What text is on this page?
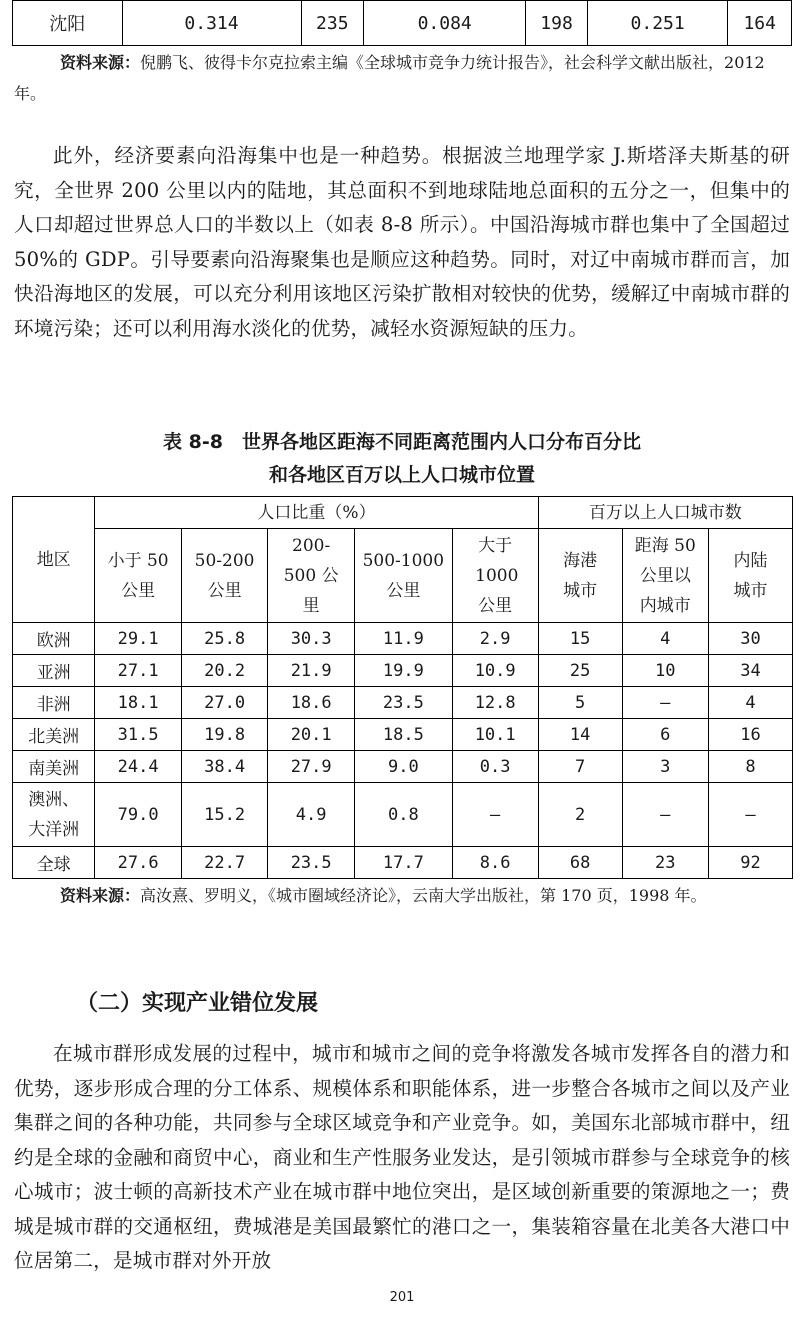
沈阳	0.314	235	0.084	198	0.251	164
资料来源：倪鹏飞、彼得卡尔克拉索主编《全球城市竞争力统计报告》，社会科学文献出版社，2012 年。

此外，经济要素向沿海集中也是一种趋势。根据波兰地理学家 J.斯塔泽夫斯基的研究，全世界 200 公里以内的陆地，其总面积不到地球陆地总面积的五分之一，但集中的人口却超过世界总人口的半数以上（如表 8-8 所示）。中国沿海城市群也集中了全国超过 50%的 GDP。引导要素向沿海聚集也是顺应这种趋势。同时，对辽中南城市群而言，加快沿海地区的发展，可以充分利用该地区污染扩散相对较快的优势，缓解辽中南城市群的环境污染；还可以利用海水淡化的优势，减轻水资源短缺的压力。

表 8-8　世界各地区距海不同距离范围内人口分布百分比
和各地区百万以上人口城市位置
地区	人口比重（%）					百万以上人口城市数		
	小于 50 公里	50-200 公里	200-500 公里	500-1000 公里	大于 1000 公里	海港城市	距海 50 公里以内城市	内陆城市
欧洲	29.1	25.8	30.3	11.9	2.9	15	4	30
亚洲	27.1	20.2	21.9	19.9	10.9	25	10	34
非洲	18.1	27.0	18.6	23.5	12.8	5	–	4
北美洲	31.5	19.8	20.1	18.5	10.1	14	6	16
南美洲	24.4	38.4	27.9	9.0	0.3	7	3	8
澳洲、大洋洲	79.0	15.2	4.9	0.8	–	2	–	–
全球	27.6	22.7	23.5	17.7	8.6	68	23	92
资料来源：高汝熹、罗明义，《城市圈域经济论》，云南大学出版社，第 170 页，1998 年。
（二）实现产业错位发展

在城市群形成发展的过程中，城市和城市之间的竞争将激发各城市发挥各自的潜力和优势，逐步形成合理的分工体系、规模体系和职能体系，进一步整合各城市之间以及产业集群之间的各种功能，共同参与全球区域竞争和产业竞争。如，美国东北部城市群中，纽约是全球的金融和商贸中心，商业和生产性服务业发达，是引领城市群参与全球竞争的核心城市；波士顿的高新技术产业在城市群中地位突出，是区域创新重要的策源地之一；费城是城市群的交通枢纽，费城港是美国最繁忙的港口之一，集装箱容量在北美各大港口中位居第二，是城市群对外开放

201
